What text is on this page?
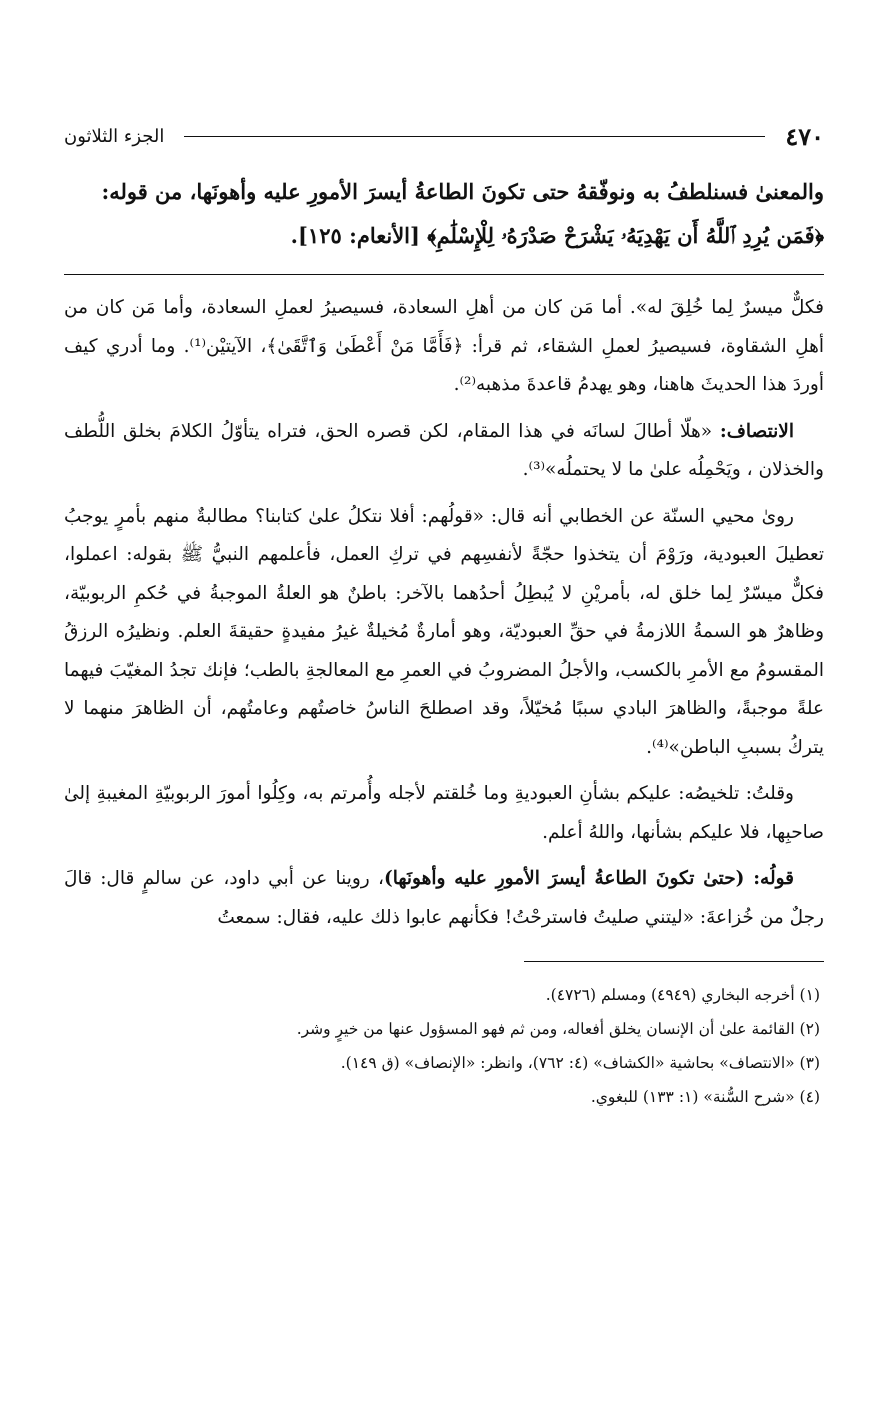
٤٧٠
الجزء الثلاثون
والمعنىٰ فسنلطفُ به ونوفّقهُ حتى تكونَ الطاعةُ أيسرَ الأمورِ عليه وأهونَها، من قوله:
﴿فَمَن يُرِدِ ٱللَّهُ أَن يَهْدِيَهُۥ يَشْرَحْ صَدْرَهُۥ لِلْإِسْلَٰمِ﴾ [الأنعام: ١٢٥].

فكلٌّ ميسرٌ لِما خُلِقَ له». أما مَن كان من أهلِ السعادة، فسيصيرُ لعملِ السعادة، وأما مَن كان من أهلِ الشقاوة، فسيصيرُ لعملِ الشقاء، ثم قرأ: ﴿فَأَمَّا مَنْ أَعْطَىٰ وَٱتَّقَىٰ﴾، الآيتيْن⁽¹⁾. وما أدري كيف أوردَ هذا الحديثَ هاهنا، وهو يهدمُ قاعدةَ مذهبه⁽²⁾.

الانتصاف: «هلّا أطالَ لسانَه في هذا المقام، لكن قصره الحق، فتراه يتأوّلُ الكلامَ بخلق اللُّطف والخذلان ، ويَحْمِلُه علىٰ ما لا يحتملُه»⁽³⁾.

روىٰ محيي السنّة عن الخطابي أنه قال: «قولُهم: أفلا نتكلُ علىٰ كتابنا؟ مطالبةٌ منهم بأمرٍ يوجبُ تعطيلَ العبودية، ورَوْمَ أن يتخذوا حجّةً لأنفسِهم في تركِ العمل، فأعلمهم النبيُّ ﷺ بقوله: اعملوا، فكلٌّ ميسّرٌ لِما خلق له، بأمريْنِ لا يُبطِلُ أحدُهما بالآخر: باطنٌ هو العلةُ الموجبةُ في حُكمِ الربوبيّة، وظاهرٌ هو السمةُ اللازمةُ في حقِّ العبوديّة، وهو أمارةٌ مُخيلةٌ غيرُ مفيدةٍ حقيقةَ العلم. ونظيرُه الرزقُ المقسومُ مع الأمرِ بالكسب، والأجلُ المضروبُ في العمرِ مع المعالجةِ بالطب؛ فإنك تجدُ المغيّبَ فيهما علةً موجبةً، والظاهرَ البادي سببًا مُخيّلاً، وقد اصطلحَ الناسُ خاصتُهم وعامتُهم، أن الظاهرَ منهما لا يتركُ بسببِ الباطن»⁽⁴⁾.

وقلتُ: تلخيصُه: عليكم بشأنِ العبوديةِ وما خُلقتم لأجله وأُمرتم به، وكِلُوا أمورَ الربوبيّةِ المغيبةِ إلىٰ صاحبِها، فلا عليكم بشأنها، واللهُ أعلم.

قولُه: (حتىٰ تكونَ الطاعةُ أيسرَ الأمورِ عليه وأهونَها)، روينا عن أبي داود، عن سالمٍ قال: قالَ رجلٌ من خُزاعةَ: «ليتني صليتُ فاسترحْتُ! فكأنهم عابوا ذلك عليه، فقال: سمعتُ

(١) أخرجه البخاري (٤٩٤٩) ومسلم (٤٧٢٦).

(٢) القائمة علىٰ أن الإنسان يخلق أفعاله، ومن ثم فهو المسؤول عنها من خيرٍ وشر.

(٣) «الانتصاف» بحاشية «الكشاف» (٤: ٧٦٢)، وانظر: «الإنصاف» (ق ١٤٩).

(٤) «شرح السُّنة» (١: ١٣٣) للبغوي.
